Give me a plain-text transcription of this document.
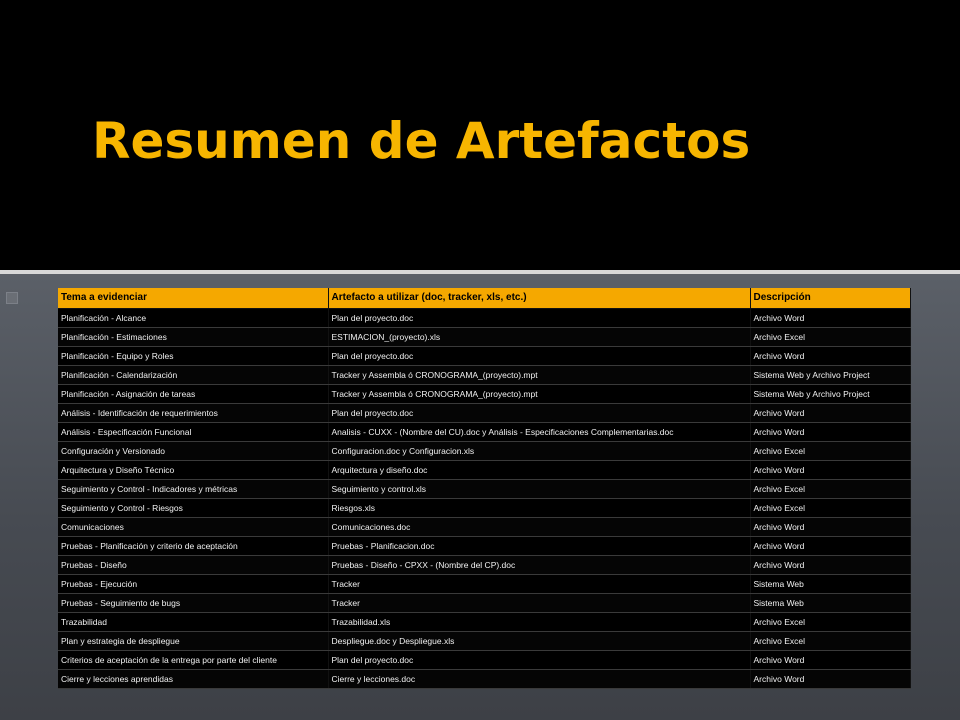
Resumen de Artefactos
Tema a evidenciar	Artefacto a utilizar (doc, tracker, xls, etc.)	Descripción
Planificación - Alcance	Plan del proyecto.doc	Archivo Word
Planificación - Estimaciones	ESTIMACION_(proyecto).xls	Archivo Excel
Planificación - Equipo y Roles	Plan del proyecto.doc	Archivo Word
Planificación - Calendarización	Tracker y Assembla ó CRONOGRAMA_(proyecto).mpt	Sistema Web y Archivo Project
Planificación - Asignación de tareas	Tracker y Assembla ó CRONOGRAMA_(proyecto).mpt	Sistema Web y Archivo Project
Análisis - Identificación de requerimientos	Plan del proyecto.doc	Archivo Word
Análisis - Especificación Funcional	Analisis - CUXX - (Nombre del CU).doc y Análisis - Especificaciones Complementarias.doc	Archivo Word
Configuración y Versionado	Configuracion.doc y Configuracion.xls	Archivo Excel
Arquitectura y Diseño Técnico	Arquitectura y diseño.doc	Archivo Word
Seguimiento y Control - Indicadores y métricas	Seguimiento y control.xls	Archivo Excel
Seguimiento y Control - Riesgos	Riesgos.xls	Archivo Excel
Comunicaciones	Comunicaciones.doc	Archivo Word
Pruebas - Planificación y criterio de aceptación	Pruebas - Planificacion.doc	Archivo Word
Pruebas - Diseño	Pruebas - Diseño - CPXX - (Nombre del CP).doc	Archivo Word
Pruebas - Ejecución	Tracker	Sistema Web
Pruebas - Seguimiento de bugs	Tracker	Sistema Web
Trazabilidad	Trazabilidad.xls	Archivo Excel
Plan y estrategia de despliegue	Despliegue.doc y Despliegue.xls	Archivo Excel
Criterios de aceptación de la entrega por parte del cliente	Plan del proyecto.doc	Archivo Word
Cierre y lecciones aprendidas	Cierre y lecciones.doc	Archivo Word
